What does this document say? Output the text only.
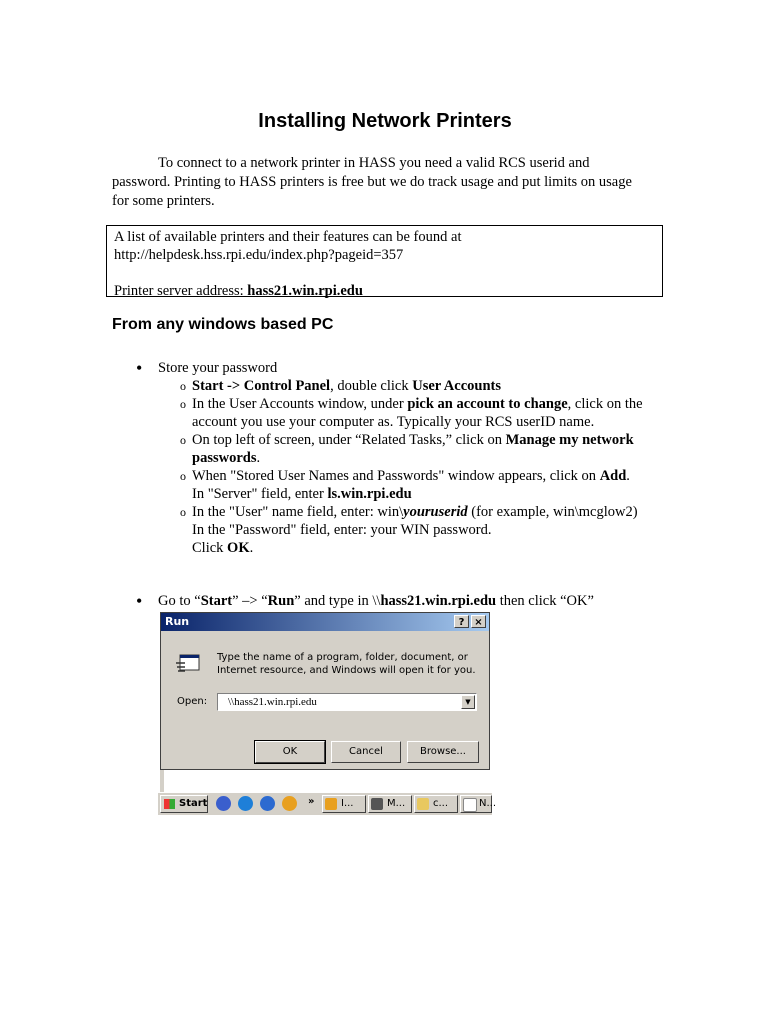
Installing Network Printers
To connect to a network printer in HASS you need a valid RCS userid and password. Printing to HASS printers is free but we do track usage and put limits on usage for some printers.
A list of available printers and their features can be found at
http://helpdesk.hss.rpi.edu/index.php?pageid=357
Printer server address: hass21.win.rpi.edu
From any windows based PC
• Store your password
o Start -> Control Panel, double click User Accounts
o In the User Accounts window, under pick an account to change, click on the account you use your computer as. Typically your RCS userID name.
o On top left of screen, under “Related Tasks,” click on Manage my network passwords.
o When "Stored User Names and Passwords" window appears, click on Add.
In "Server" field, enter ls.win.rpi.edu
o In the "User" name field, enter: win\youruserid (for example, win\mcglow2)
In the "Password" field, enter: your WIN password.
Click OK.
• Go to “Start” –> “Run” and type in \\hass21.win.rpi.edu then click “OK”
Run	? ×
Type the name of a program, folder, document, or Internet resource, and Windows will open it for you.
Open:	\\hass21.win.rpi.edu	▼
OK	Cancel	Browse...
Start	»	I...	M...	c...	N...
